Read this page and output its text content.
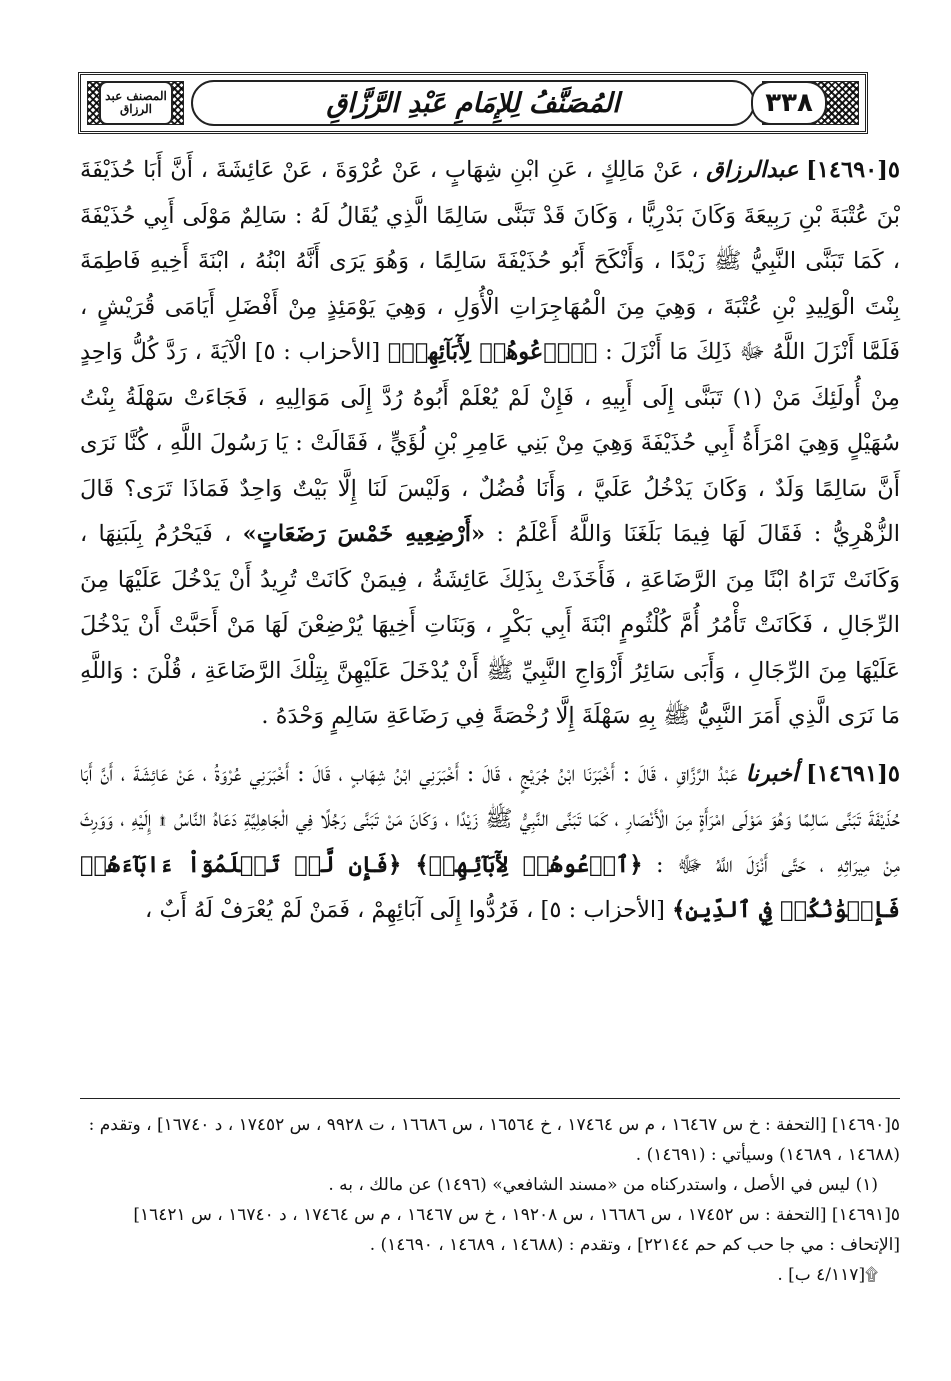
المُصَنَّفُ لِلإِمَامِ عَبْدِ الرَّزَّاقِ	٣٣٨
المصنف عبد الرزاق

٥[١٤٦٩٠] عبدالرزاق ، عَنْ مَالِكٍ ، عَنِ ابْنِ شِهَابٍ ، عَنْ عُرْوَةَ ، عَنْ عَائِشَةَ ، أَنَّ أَبَا حُذَيْفَةَ بْنَ عُتْبَةَ بْنِ رَبِيعَةَ وَكَانَ بَدْرِيًّا ، وَكَانَ قَدْ تَبَنَّى سَالِمًا الَّذِي يُقَالُ لَهُ : سَالِمٌ مَوْلَى أَبِي حُذَيْفَةَ ، كَمَا تَبَنَّى النَّبِيُّ ﷺ زَيْدًا ، وَأَنْكَحَ أَبُو حُذَيْفَةَ سَالِمًا ، وَهُوَ يَرَى أَنَّهُ ابْنُهُ ، ابْنَةَ أَخِيهِ فَاطِمَةَ بِنْتَ الْوَلِيدِ بْنِ عُتْبَةَ ، وَهِيَ مِنَ الْمُهَاجِرَاتِ الْأُوَلِ ، وَهِيَ يَوْمَئِذٍ مِنْ أَفْضَلِ أَيَامَى قُرَيْشٍ ، فَلَمَّا أَنْزَلَ اللَّهُ ﷻ ذَلِكَ مَا أَنْزَلَ : ﴿ٱدۡعُوهُمۡ لِأٓبَآئِهِمۡ﴾ [الأحزاب : ٥] الْآيَةَ ، رَدَّ كُلُّ وَاحِدٍ مِنْ أُولَئِكَ مَنْ (١) تَبَنَّى إِلَى أَبِيهِ ، فَإِنْ لَمْ يُعْلَمْ أَبُوهُ رُدَّ إِلَى مَوَالِيهِ ، فَجَاءَتْ سَهْلَةُ بِنْتُ سُهَيْلٍ وَهِيَ امْرَأَةُ أَبِي حُذَيْفَةَ وَهِيَ مِنْ بَنِي عَامِرِ بْنِ لُؤَيٍّ ، فَقَالَتْ : يَا رَسُولَ اللَّهِ ، كُنَّا نَرَى أَنَّ سَالِمًا وَلَدٌ ، وَكَانَ يَدْخُلُ عَلَيَّ ، وَأَنَا فُضُلٌ ، وَلَيْسَ لَنَا إِلَّا بَيْتٌ وَاحِدٌ فَمَاذَا تَرَى؟ قَالَ الزُّهْرِيُّ : فَقَالَ لَهَا فِيمَا بَلَغَنَا وَاللَّهُ أَعْلَمُ : «أَرْضِعِيهِ خَمْسَ رَضَعَاتٍ» ، فَيَحْرُمُ بِلَبَنِهَا ، وَكَانَتْ تَرَاهُ ابْنًا مِنَ الرَّضَاعَةِ ، فَأَخَذَتْ بِذَلِكَ عَائِشَةُ ، فِيمَنْ كَانَتْ تُرِيدُ أَنْ يَدْخُلَ عَلَيْهَا مِنَ الرِّجَالِ ، فَكَانَتْ تَأْمُرُ أُمَّ كُلْثُومٍ ابْنَةَ أَبِي بَكْرٍ ، وَبَنَاتِ أَخِيهَا يُرْضِعْنَ لَهَا مَنْ أَحَبَّتْ أَنْ يَدْخُلَ عَلَيْهَا مِنَ الرِّجَالِ ، وَأَبَى سَائِرُ أَزْوَاجِ النَّبِيِّ ﷺ أَنْ يُدْخَلَ عَلَيْهِنَّ بِتِلْكَ الرَّضَاعَةِ ، قُلْنَ : وَاللَّهِ مَا نَرَى الَّذِي أَمَرَ النَّبِيُّ ﷺ بِهِ سَهْلَةَ إِلَّا رُخْصَةً فِي رَضَاعَةِ سَالِمٍ وَحْدَهُ .

٥[١٤٦٩١] أخبرنا عَبْدُ الرَّزَّاقِ ، قَالَ : أَخْبَرَنَا ابْنُ جُرَيْجٍ ، قَالَ : أَخْبَرَنِي ابْنُ شِهَابٍ ، قَالَ : أَخْبَرَنِي عُرْوَةُ ، عَنْ عَائِشَةَ ، أَنَّ أَبَا حُذَيْفَةَ تَبَنَّى سَالِمًا وَهُوَ مَوْلَى امْرَأَةٍ مِنَ الْأَنْصَارِ ، كَمَا تَبَنَّى النَّبِيُّ ﷺ زَيْدًا ، وَكَانَ مَنْ تَبَنَّى رَجُلًا فِي الْجَاهِلِيَّةِ دَعَاهُ النَّاسُ ۩ إِلَيْهِ ، وَوَرِثَ مِنْ مِيرَاثِهِ ، حَتَّى أَنْزَلَ اللَّهُ ﷻ : ﴿ٱدۡعُوهُمۡ لِأٓبَآئِهِمۡ﴾ ﴿فَإِن لَّمۡ تَعۡلَمُوٓاْ ءَابَآءَهُمۡ فَإِخۡوَٰنُكُمۡ فِي ٱلدِّينِ﴾ [الأحزاب : ٥] ، فَرُدُّوا إِلَى آبَائِهِمْ ، فَمَنْ لَمْ يُعْرَفْ لَهُ أَبٌ ،

٥[١٤٦٩٠] [التحفة : خ س ١٦٤٦٧ ، م س ١٧٤٦٤ ، خ ١٦٥٦٤ ، س ١٦٦٨٦ ، ت ٩٩٢٨ ، س ١٧٤٥٢ ، د ١٦٧٤٠] ، وتقدم : (١٤٦٨٨ ، ١٤٦٨٩) وسيأتي : (١٤٦٩١) .

(١) ليس في الأصل ، واستدركناه من «مسند الشافعي» (١٤٩٦) عن مالك ، به .

٥[١٤٦٩١] [التحفة : س ١٧٤٥٢ ، س ١٦٦٨٦ ، س ١٩٢٠٨ ، خ س ١٦٤٦٧ ، م س ١٧٤٦٤ ، د ١٦٧٤٠ ، س ١٦٤٢١] [الإتحاف : مي جا حب كم حم ٢٢١٤٤] ، وتقدم : (١٤٦٨٨ ، ١٤٦٨٩ ، ١٤٦٩٠) .

۩[٤/١١٧ ب] .
